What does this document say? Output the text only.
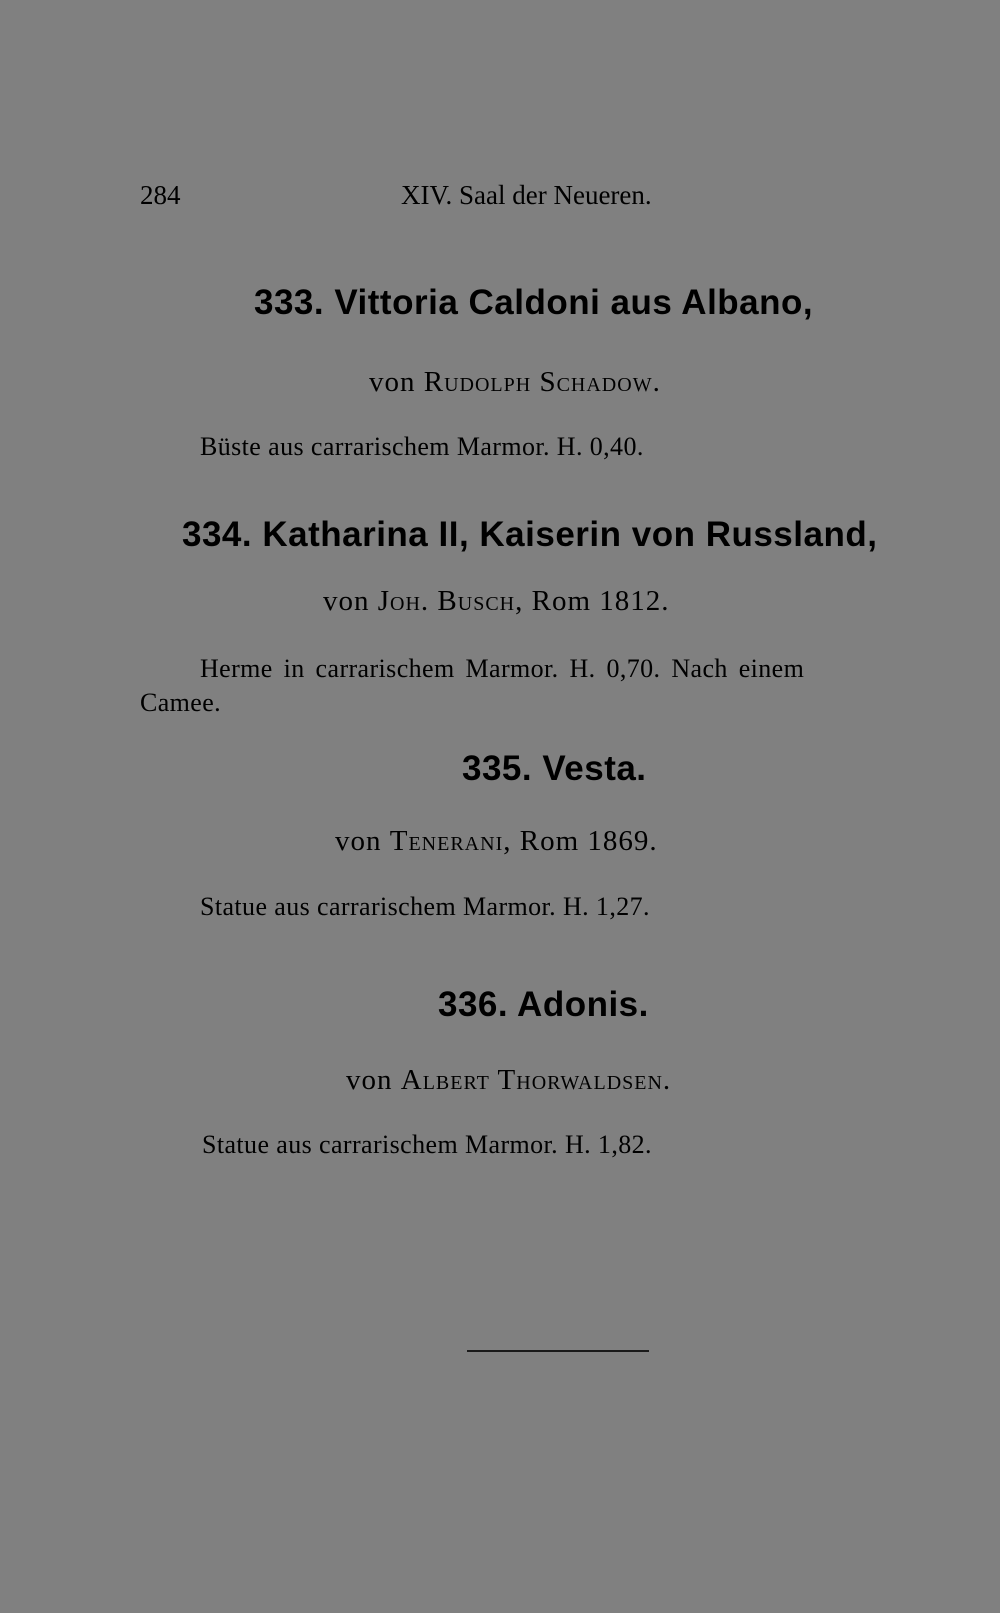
284	XIV. Saal der Neueren.
333. Vittoria Caldoni aus Albano,
von Rudolph Schadow.
Büste aus carrarischem Marmor. H. 0,40.
334. Katharina II, Kaiserin von Russland,
von Joh. Busch, Rom 1812.
Herme in carrarischem Marmor. H. 0,70. Nach einem
Camee.
335. Vesta.
von Tenerani, Rom 1869.
Statue aus carrarischem Marmor. H. 1,27.
336. Adonis.
von Albert Thorwaldsen.
Statue aus carrarischem Marmor. H. 1,82.
